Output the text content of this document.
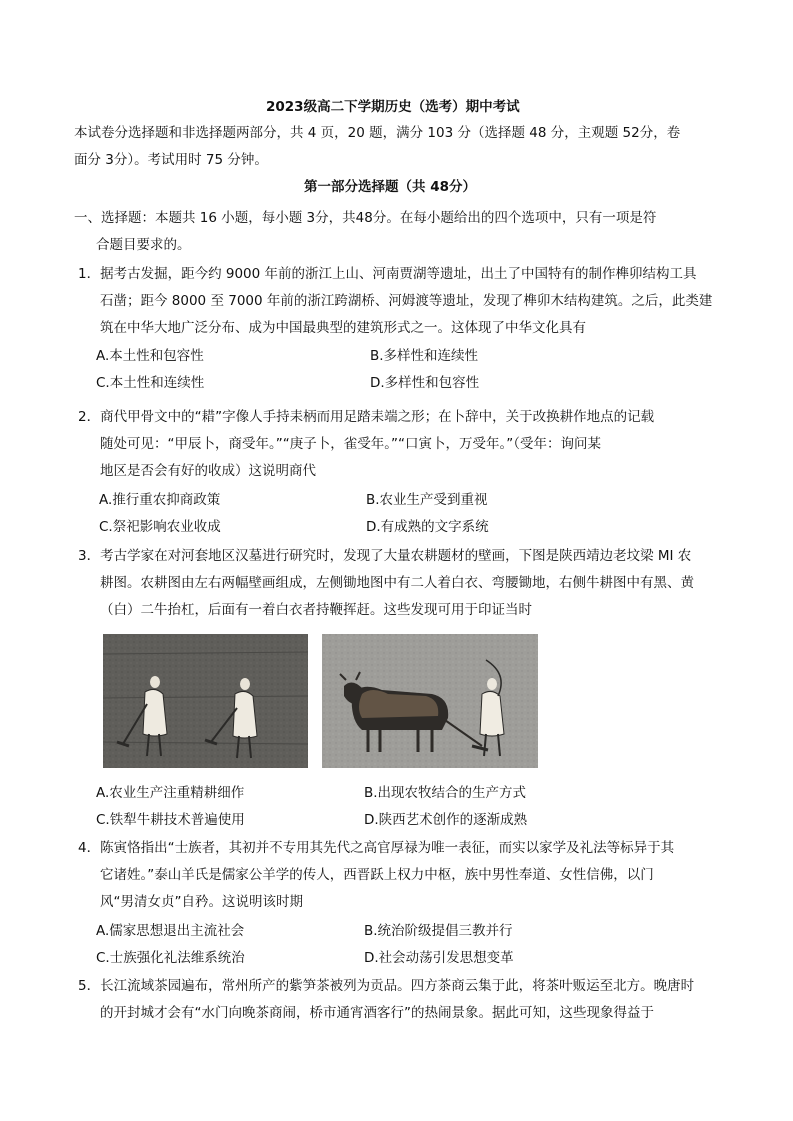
2023级高二下学期历史（选考）期中考试
本试卷分选择题和非选择题两部分，共 4 页，20 题，满分 103 分（选择题 48 分，主观题 52分，卷
面分 3分）。考试用时 75 分钟。
第一部分选择题（共 48分）
一、选择题：本题共 16 小题，每小题 3分，共48分。在每小题给出的四个选项中，只有一项是符
合题目要求的。
1．据考古发掘，距今约 9000 年前的浙江上山、河南贾湖等遗址，出土了中国特有的制作榫卯结构工具
石凿；距今 8000 至 7000 年前的浙江跨湖桥、河姆渡等遗址，发现了榫卯木结构建筑。之后，此类建
筑在中华大地广泛分布、成为中国最典型的建筑形式之一。这体现了中华文化具有
A.本土性和包容性	B.多样性和连续性
C.本土性和连续性	D.多样性和包容性
2．商代甲骨文中的“耤”字像人手持耒柄而用足踏耒端之形；在卜辞中，关于改换耕作地点的记载
随处可见：“甲辰卜，商受年。”“庚子卜，雀受年。”“口寅卜，万受年。”（受年：询问某
地区是否会有好的收成）这说明商代
A.推行重农抑商政策	B.农业生产受到重视
C.祭祀影响农业收成	D.有成熟的文字系统
3．考古学家在对河套地区汉墓进行研究时，发现了大量农耕题材的壁画，下图是陕西靖边老坟梁 MI 农
耕图。农耕图由左右两幅壁画组成，左侧锄地图中有二人着白衣、弯腰锄地，右侧牛耕图中有黑、黄
（白）二牛抬杠，后面有一着白衣者持鞭挥赶。这些发现可用于印证当时
A.农业生产注重精耕细作	B.出现农牧结合的生产方式
C.铁犁牛耕技术普遍使用	D.陕西艺术创作的逐渐成熟
4．陈寅恪指出“士族者，其初并不专用其先代之高官厚禄为唯一表征，而实以家学及礼法等标异于其
它诸姓。”泰山羊氏是儒家公羊学的传人，西晋跃上权力中枢，族中男性奉道、女性信佛，以门
风“男清女贞”自矜。这说明该时期
A.儒家思想退出主流社会	B.统治阶级提倡三教并行
C.士族强化礼法维系统治	D.社会动荡引发思想变革
5．长江流域茶园遍布，常州所产的紫笋茶被列为贡品。四方茶商云集于此，将茶叶贩运至北方。晚唐时
的开封城才会有“水门向晚茶商闹，桥市通宵酒客行”的热闹景象。据此可知，这些现象得益于
